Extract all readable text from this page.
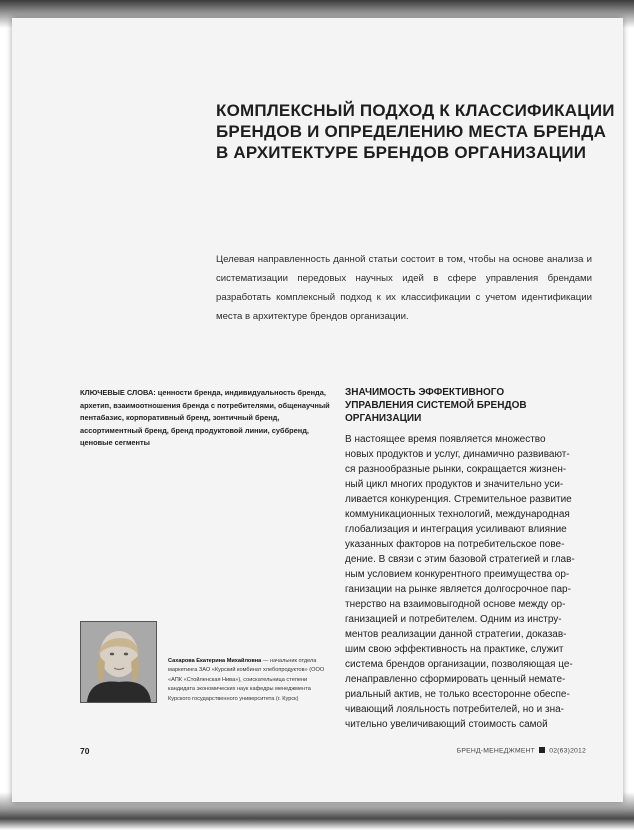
КОМПЛЕКСНЫЙ ПОДХОД К КЛАССИФИКАЦИИ
БРЕНДОВ И ОПРЕДЕЛЕНИЮ МЕСТА БРЕНДА
В АРХИТЕКТУРЕ БРЕНДОВ ОРГАНИЗАЦИИ

Целевая направленность данной статьи состоит в том, чтобы на основе анализа и систематизации передовых научных идей в сфере управления брендами разработать комплексный подход к их классификации с учетом идентификации места в архитектуре брендов организации.

КЛЮЧЕВЫЕ СЛОВА: ценности бренда, индивидуальность бренда, архетип, взаимоотношения бренда с потребителями, общенаучный пентабазис, корпоративный бренд, зонтичный бренд, ассортиментный бренд, бренд продуктовой линии, суббренд, ценовые сегменты

ЗНАЧИМОСТЬ ЭФФЕКТИВНОГО
УПРАВЛЕНИЯ СИСТЕМОЙ БРЕНДОВ
ОРГАНИЗАЦИИ
В настоящее время появляется множество
новых продуктов и услуг, динамично развивают-
ся разнообразные рынки, сокращается жизнен-
ный цикл многих продуктов и значительно уси-
ливается конкуренция. Стремительное развитие
коммуникационных технологий, международная
глобализация и интеграция усиливают влияние
указанных факторов на потребительское пове-
дение. В связи с этим базовой стратегией и глав-
ным условием конкурентного преимущества ор-
ганизации на рынке является долгосрочное пар-
тнерство на взаимовыгодной основе между ор-
ганизацией и потребителем. Одним из инстру-
ментов реализации данной стратегии, доказав-
шим свою эффективность на практике, служит
система брендов организации, позволяющая це-
ленаправленно сформировать ценный немате-
риальный актив, не только всесторонне обеспе-
чивающий лояльность потребителей, но и зна-
чительно увеличивающий стоимость самой

Сахарова Екатерина Михайловна — начальник отдела маркетинга ЗАО «Курский комбинат хлебопродуктов» (ООО «АПК «Стойленская Нива»), соискательница степени кандидата экономических наук кафедры менеджмента Курского государственного университета (г. Курск)

70	БРЕНД-МЕНЕДЖМЕНТ 02(63)2012
